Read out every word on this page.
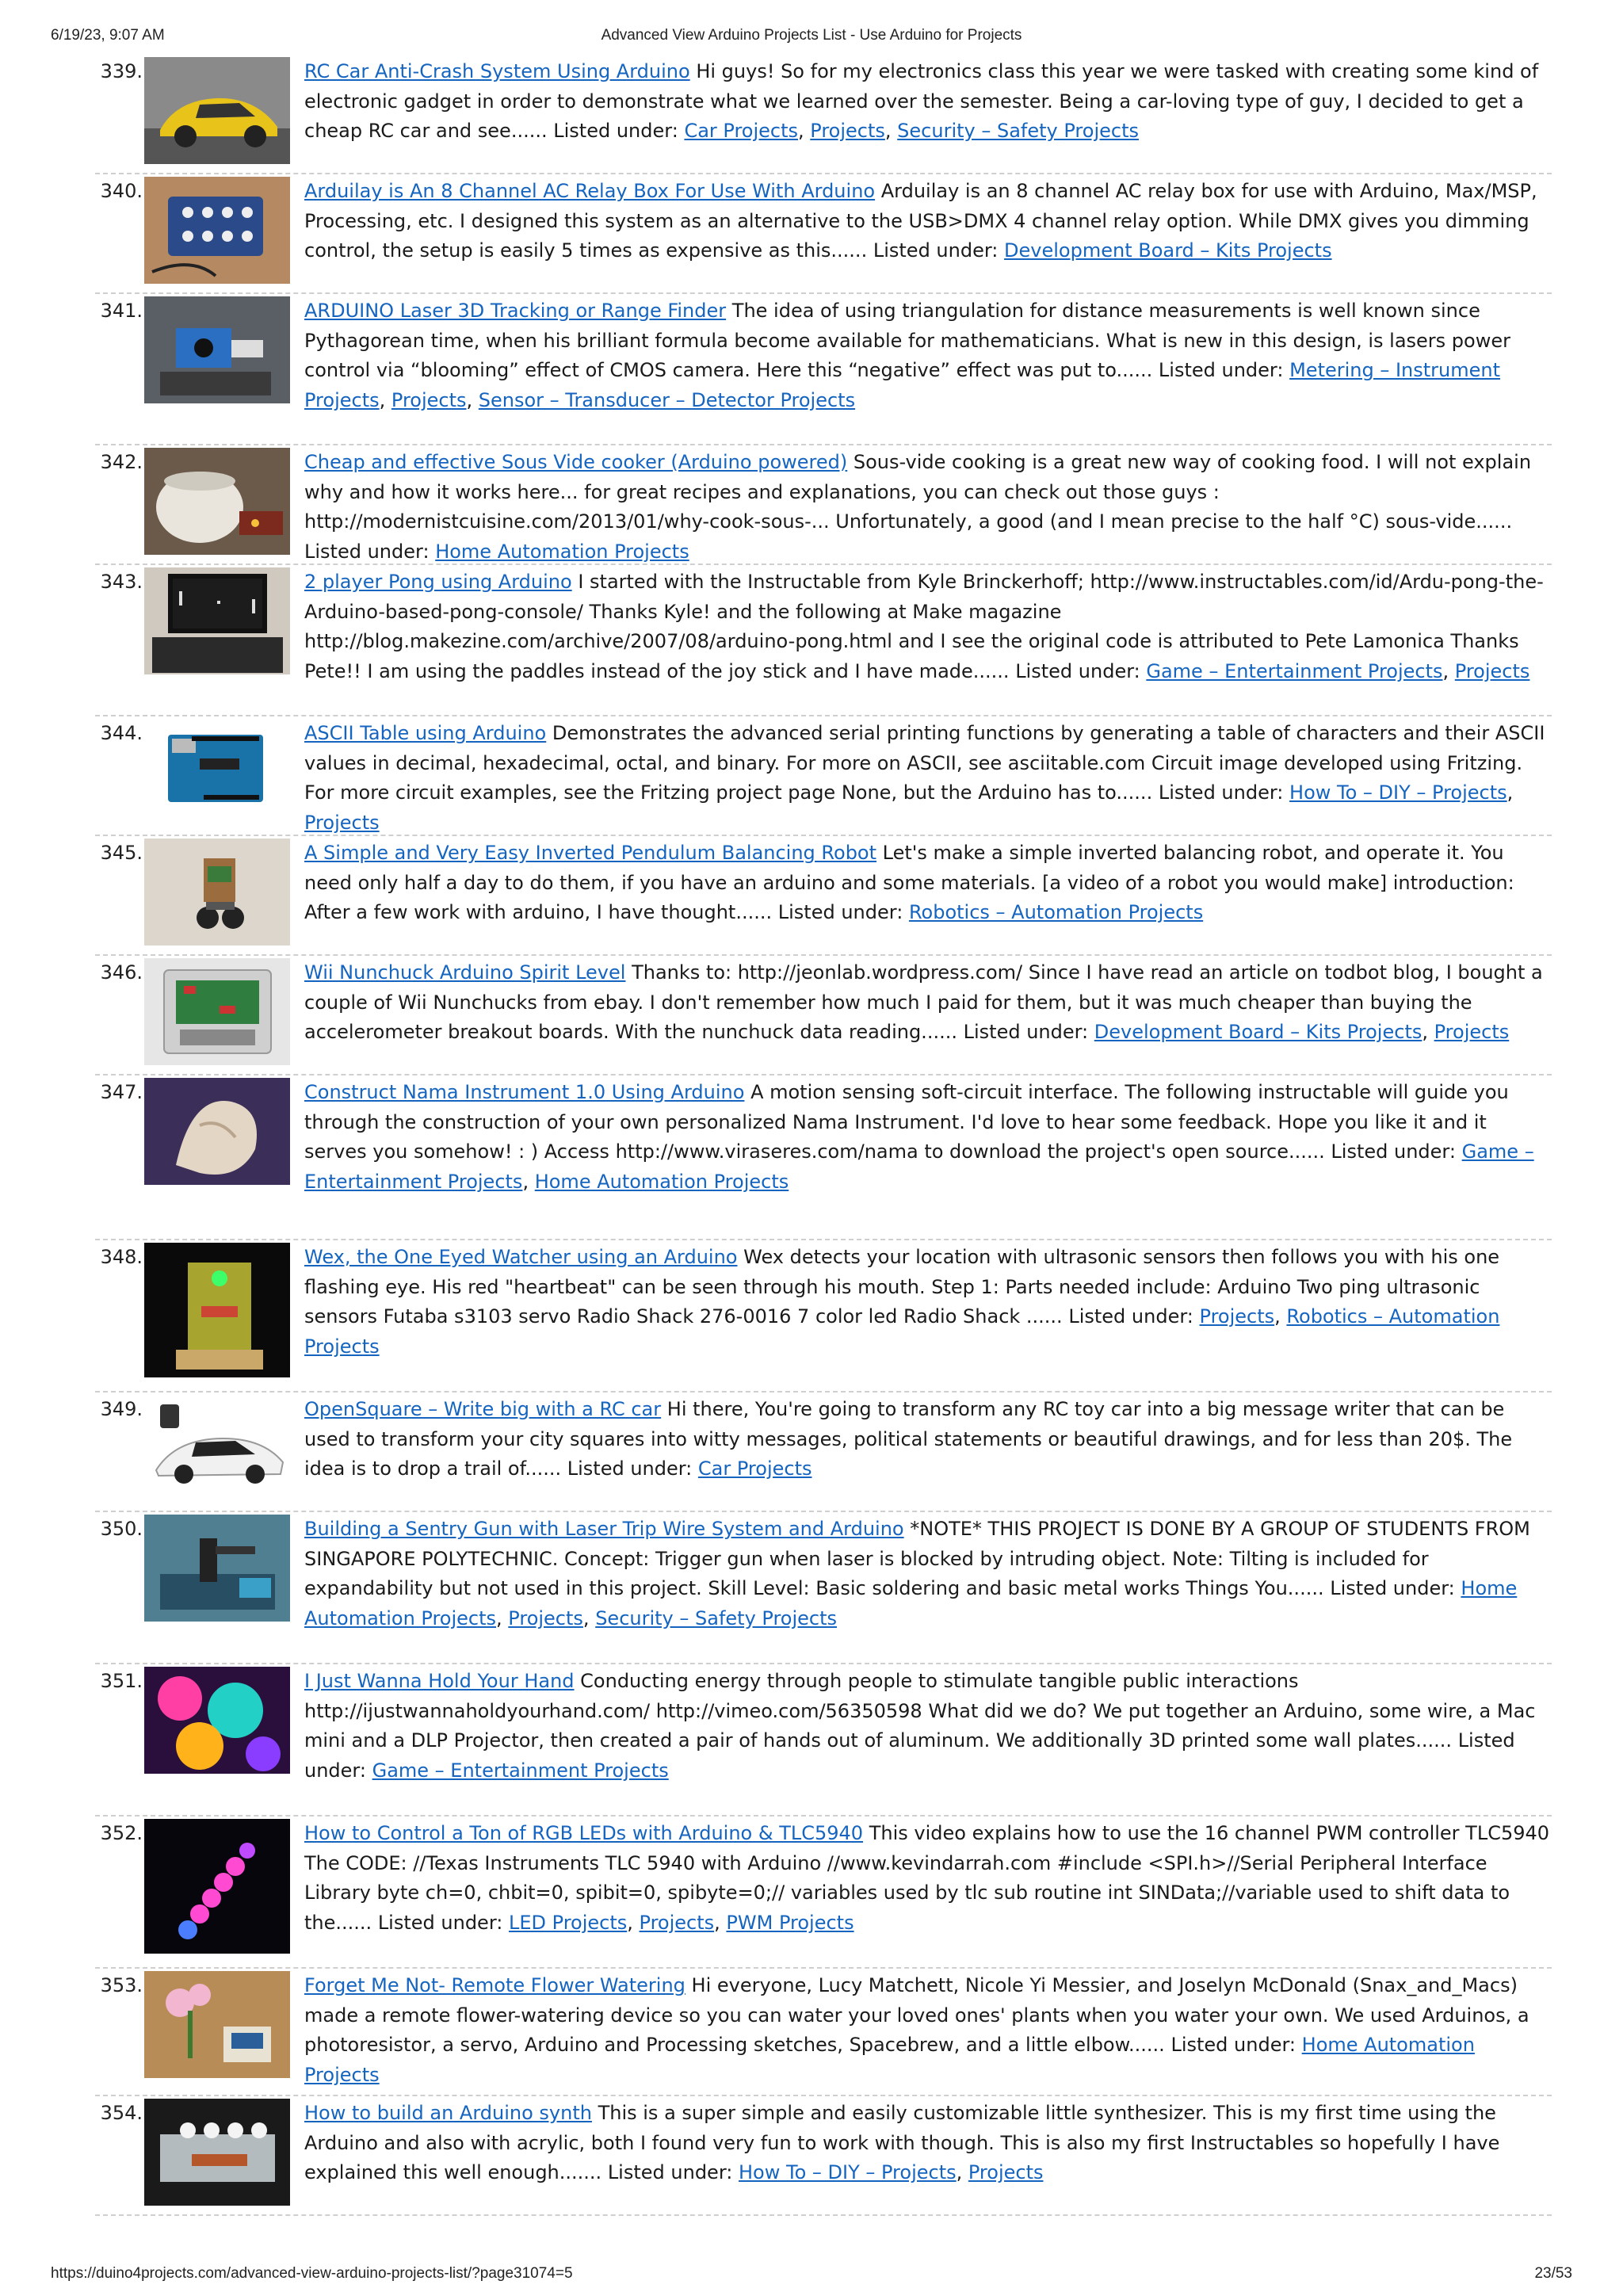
6/19/23, 9:07 AM	Advanced View Arduino Projects List - Use Arduino for Projects
339.	RC Car Anti-Crash System Using Arduino Hi guys! So for my electronics class this year we were tasked with creating some kind of electronic gadget in order to demonstrate what we learned over the semester. Being a car-loving type of guy, I decided to get a cheap RC car and see...... Listed under: Car Projects, Projects, Security – Safety Projects
340.	Arduilay is An 8 Channel AC Relay Box For Use With Arduino Arduilay is an 8 channel AC relay box for use with Arduino, Max/MSP, Processing, etc. I designed this system as an alternative to the USB>DMX 4 channel relay option. While DMX gives you dimming control, the setup is easily 5 times as expensive as this...... Listed under: Development Board – Kits Projects
341.	ARDUINO Laser 3D Tracking or Range Finder The idea of using triangulation for distance measurements is well known since Pythagorean time, when his brilliant formula become available for mathematicians. What is new in this design, is lasers power control via “blooming” effect of CMOS camera. Here this “negative” effect was put to...... Listed under: Metering – Instrument Projects, Projects, Sensor – Transducer – Detector Projects
342.	Cheap and effective Sous Vide cooker (Arduino powered) Sous-vide cooking is a great new way of cooking food. I will not explain why and how it works here... for great recipes and explanations, you can check out those guys : http://modernistcuisine.com/2013/01/why-cook-sous-... Unfortunately, a good (and I mean precise to the half °C) sous-vide...... Listed under: Home Automation Projects
343.	2 player Pong using Arduino I started with the Instructable from Kyle Brinckerhoff; http://www.instructables.com/id/Ardu-pong-the-Arduino-based-pong-console/ Thanks Kyle! and the following at Make magazine http://blog.makezine.com/archive/2007/08/arduino-pong.html and I see the original code is attributed to Pete Lamonica Thanks Pete!! I am using the paddles instead of the joy stick and I have made...... Listed under: Game – Entertainment Projects, Projects
344.	ASCII Table using Arduino Demonstrates the advanced serial printing functions by generating a table of characters and their ASCII values in decimal, hexadecimal, octal, and binary. For more on ASCII, see asciitable.com Circuit image developed using Fritzing. For more circuit examples, see the Fritzing project page None, but the Arduino has to...... Listed under: How To – DIY – Projects, Projects
345.	A Simple and Very Easy Inverted Pendulum Balancing Robot Let's make a simple inverted balancing robot, and operate it. You need only half a day to do them, if you have an arduino and some materials. [a video of a robot you would make] introduction: After a few work with arduino, I have thought...... Listed under: Robotics – Automation Projects
346.	Wii Nunchuck Arduino Spirit Level Thanks to: http://jeonlab.wordpress.com/ Since I have read an article on todbot blog, I bought a couple of Wii Nunchucks from ebay. I don't remember how much I paid for them, but it was much cheaper than buying the accelerometer breakout boards. With the nunchuck data reading...... Listed under: Development Board – Kits Projects, Projects
347.	Construct Nama Instrument 1.0 Using Arduino A motion sensing soft-circuit interface. The following instructable will guide you through the construction of your own personalized Nama Instrument. I'd love to hear some feedback. Hope you like it and it serves you somehow! : ) Access http://www.viraseres.com/nama to download the project's open source...... Listed under: Game – Entertainment Projects, Home Automation Projects
348.	Wex, the One Eyed Watcher using an Arduino Wex detects your location with ultrasonic sensors then follows you with his one flashing eye. His red "heartbeat" can be seen through his mouth. Step 1: Parts needed include: Arduino Two ping ultrasonic sensors Futaba s3103 servo Radio Shack 276-0016 7 color led Radio Shack ...... Listed under: Projects, Robotics – Automation Projects
349.	OpenSquare – Write big with a RC car Hi there, You're going to transform any RC toy car into a big message writer that can be used to transform your city squares into witty messages, political statements or beautiful drawings, and for less than 20$. The idea is to drop a trail of...... Listed under: Car Projects
350.	Building a Sentry Gun with Laser Trip Wire System and Arduino *NOTE* THIS PROJECT IS DONE BY A GROUP OF STUDENTS FROM SINGAPORE POLYTECHNIC. Concept: Trigger gun when laser is blocked by intruding object. Note: Tilting is included for expandability but not used in this project. Skill Level: Basic soldering and basic metal works Things You...... Listed under: Home Automation Projects, Projects, Security – Safety Projects
351.	I Just Wanna Hold Your Hand Conducting energy through people to stimulate tangible public interactions http://ijustwannaholdyourhand.com/ http://vimeo.com/56350598 What did we do? We put together an Arduino, some wire, a Mac mini and a DLP Projector, then created a pair of hands out of aluminum. We additionally 3D printed some wall plates...... Listed under: Game – Entertainment Projects
352.	How to Control a Ton of RGB LEDs with Arduino & TLC5940 This video explains how to use the 16 channel PWM controller TLC5940 The CODE: //Texas Instruments TLC 5940 with Arduino //www.kevindarrah.com #include <SPI.h>//Serial Peripheral Interface Library byte ch=0, chbit=0, spibit=0, spibyte=0;// variables used by tlc sub routine int SINData;//variable used to shift data to the...... Listed under: LED Projects, Projects, PWM Projects
353.	Forget Me Not- Remote Flower Watering Hi everyone, Lucy Matchett, Nicole Yi Messier, and Joselyn McDonald (Snax_and_Macs) made a remote flower-watering device so you can water your loved ones' plants when you water your own. We used Arduinos, a photoresistor, a servo, Arduino and Processing sketches, Spacebrew, and a little elbow...... Listed under: Home Automation Projects
354.	How to build an Arduino synth This is a super simple and easily customizable little synthesizer. This is my first time using the Arduino and also with acrylic, both I found very fun to work with though. This is also my first Instructables so hopefully I have explained this well enough....... Listed under: How To – DIY – Projects, Projects
https://duino4projects.com/advanced-view-arduino-projects-list/?page31074=5	23/53
